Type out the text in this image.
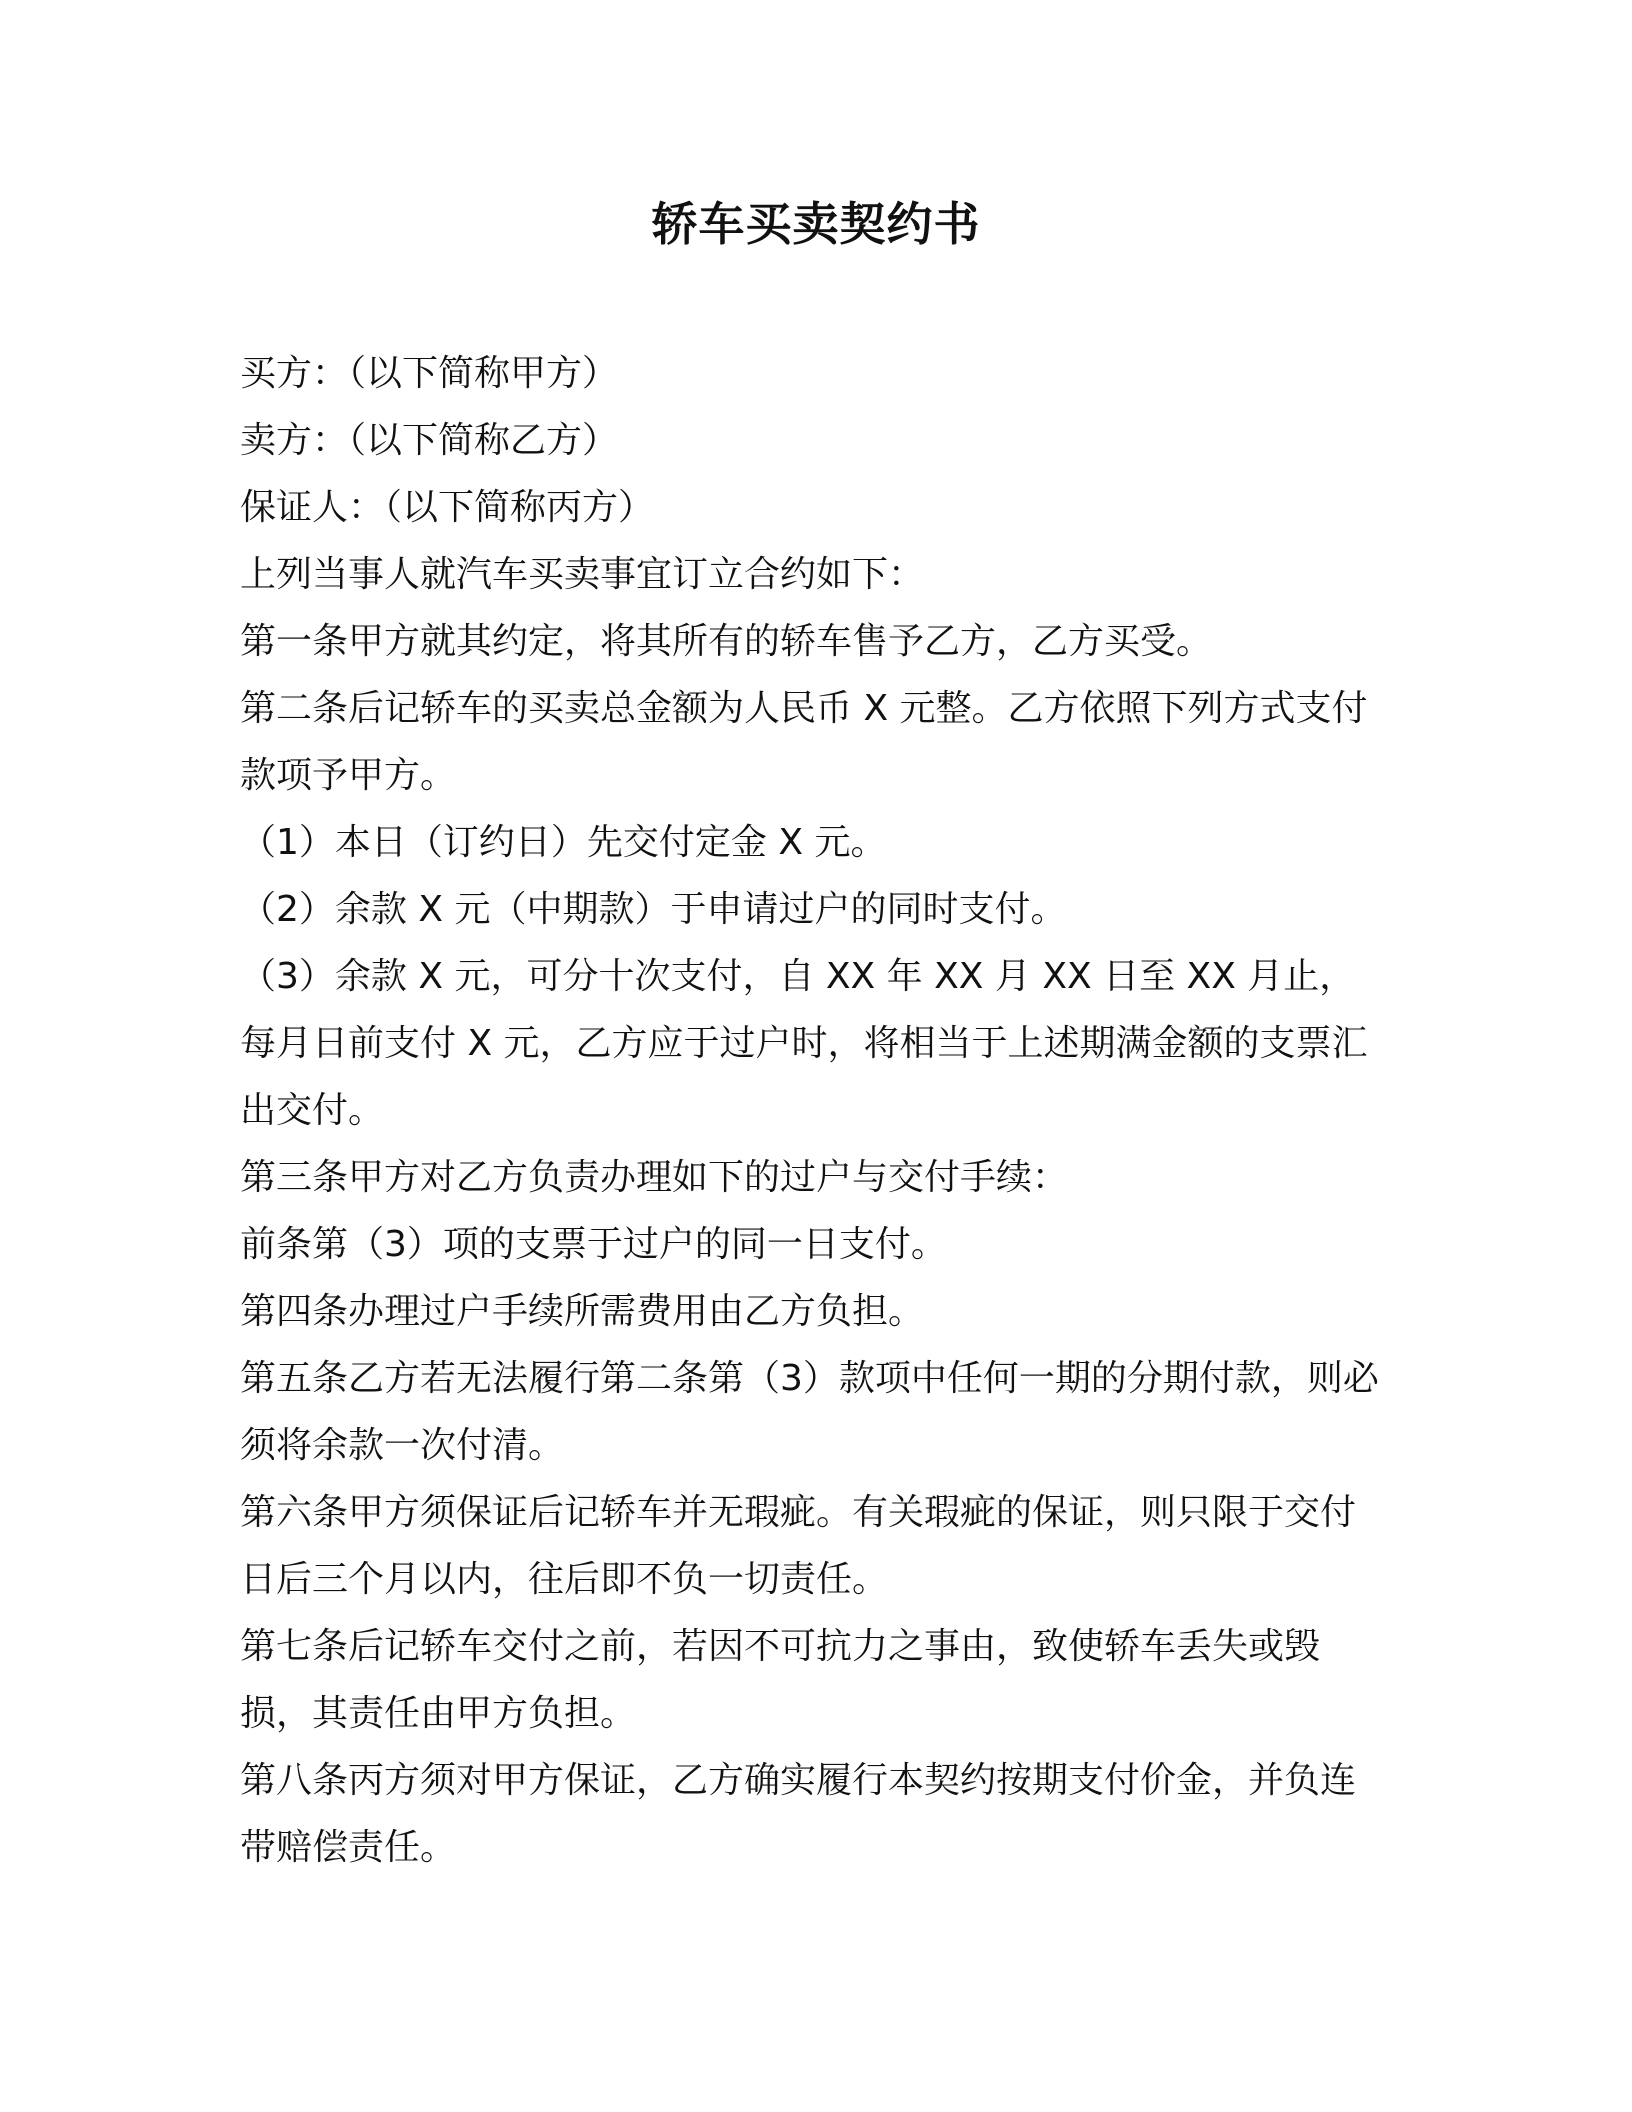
轿车买卖契约书

买方：（以下简称甲方）

卖方：（以下简称乙方）

保证人：（以下简称丙方）

上列当事人就汽车买卖事宜订立合约如下：

第一条甲方就其约定，将其所有的轿车售予乙方，乙方买受。

第二条后记轿车的买卖总金额为人民币 X 元整。乙方依照下列方式支付款项予甲方。

（1）本日（订约日）先交付定金 X 元。

（2）余款 X 元（中期款）于申请过户的同时支付。

（3）余款 X 元，可分十次支付，自 XX 年 XX 月 XX 日至 XX 月止，每月日前支付 X 元，乙方应于过户时，将相当于上述期满金额的支票汇出交付。

第三条甲方对乙方负责办理如下的过户与交付手续：

前条第（3）项的支票于过户的同一日支付。

第四条办理过户手续所需费用由乙方负担。

第五条乙方若无法履行第二条第（3）款项中任何一期的分期付款，则必须将余款一次付清。

第六条甲方须保证后记轿车并无瑕疵。有关瑕疵的保证，则只限于交付日后三个月以内，往后即不负一切责任。

第七条后记轿车交付之前，若因不可抗力之事由，致使轿车丢失或毁损，其责任由甲方负担。

第八条丙方须对甲方保证，乙方确实履行本契约按期支付价金，并负连带赔偿责任。
